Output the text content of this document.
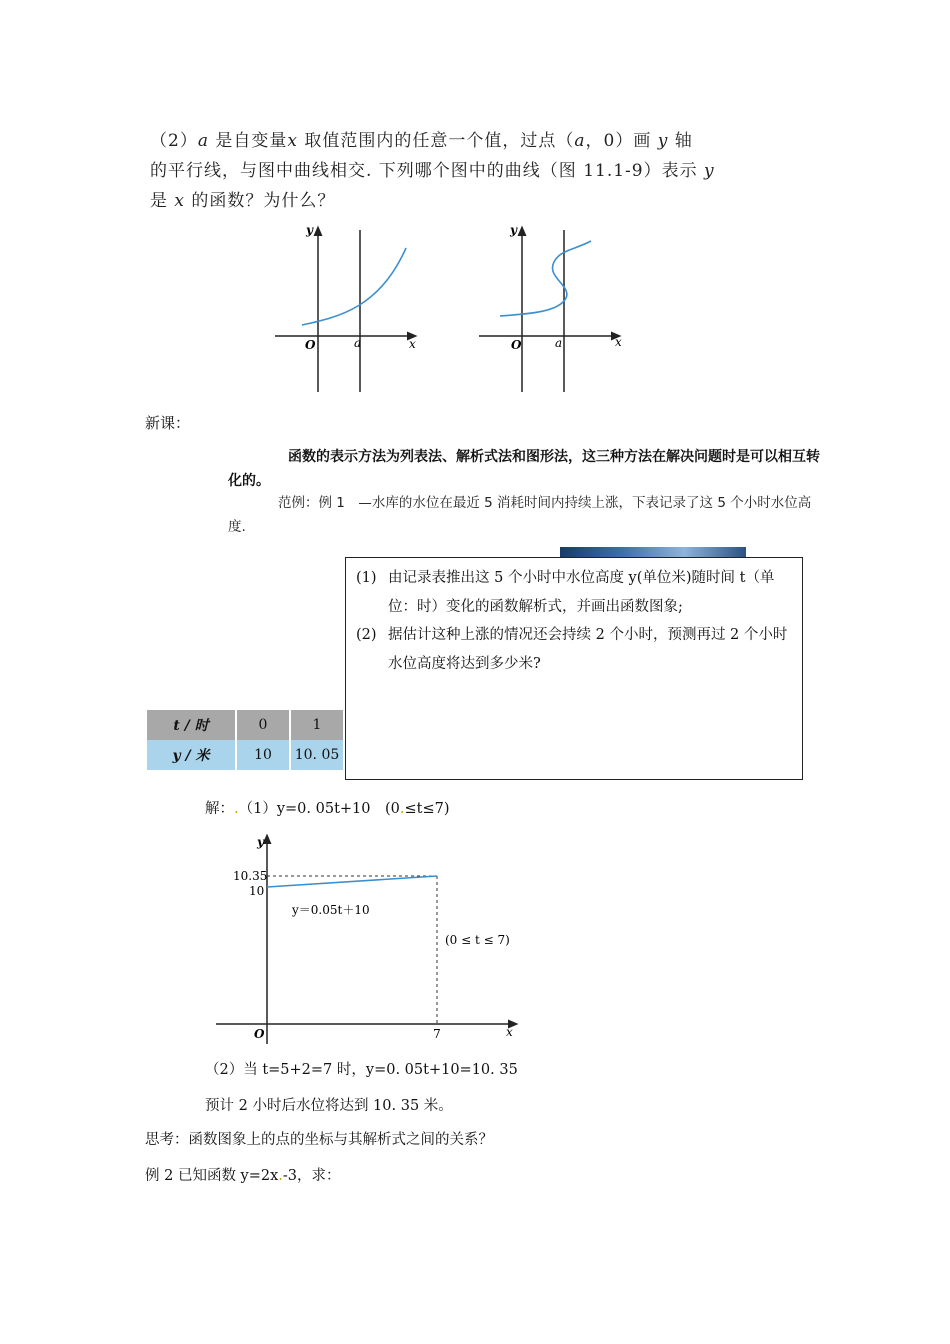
（2）a 是自变量x 取值范围内的任意一个值，过点（a，0）画 y 轴
的平行线，与图中曲线相交. 下列哪个图中的曲线（图 11.1-9）表示 y
是 x 的函数？为什么？
y
x
O	a
y
x
O	a
新课：
函数的表示方法为列表法、解析式法和图形法，这三种方法在解决问题时是可以相互转化的。
范例：例 1　—水库的水位在最近 5 消耗时间内持续上涨，下表记录了这 5 个小时水位高度.
(1) 由记录表推出这 5 个小时中水位高度 y(单位米)随时间 t（单位：时）变化的函数解析式，并画出函数图象;
(2) 据估计这种上涨的情况还会持续 2 个小时，预测再过 2 个小时水位高度将达到多少米?
t / 时	0	1
y / 米	10	10. 05
解：.（1）y=0. 05t+10　(0.≤t≤7)
y
x
O
10.35
10
7
y＝0.05t＋10
(0 ≤ t ≤ 7)
（2）当 t=5+2=7 时，y=0. 05t+10=10. 35
预计 2 小时后水位将达到 10. 35 米。
思考：函数图象上的点的坐标与其解析式之间的关系？
例 2 已知函数 y=2x.-3，求：
